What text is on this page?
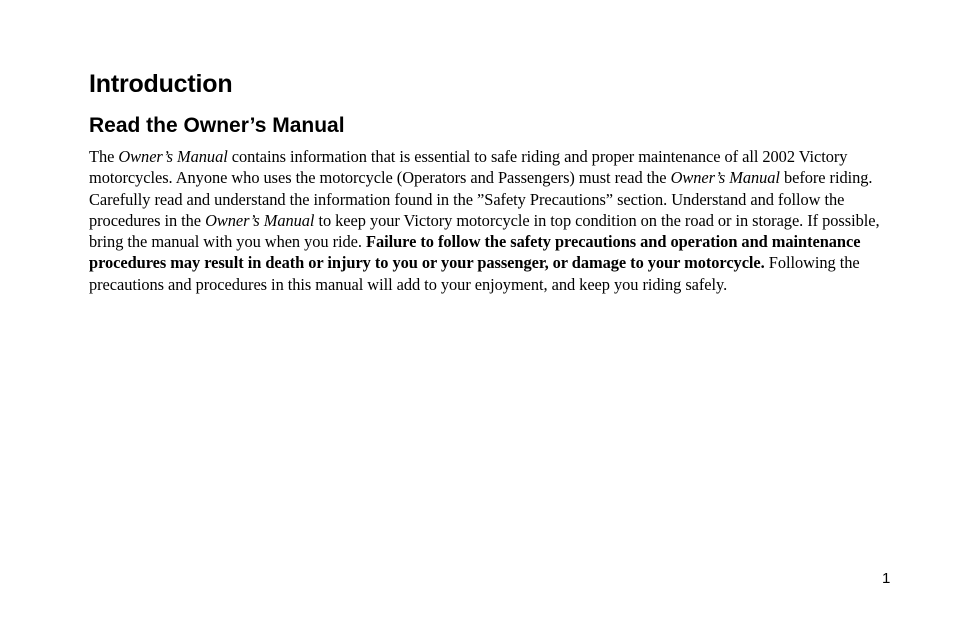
Introduction
Read the Owner’s Manual

The Owner’s Manual contains information that is essential to safe riding and proper maintenance of all 2002 Victory motorcycles. Anyone who uses the motorcycle (Operators and Passengers) must read the Owner’s Manual before riding. Carefully read and understand the information found in the ”Safety Precautions” section. Understand and follow the procedures in the Owner’s Manual to keep your Victory motorcycle in top condition on the road or in storage. If possible, bring the manual with you when you ride. Failure to follow the safety precautions and operation and maintenance procedures may result in death or injury to you or your passenger, or damage to your motorcycle. Following the precautions and procedures in this manual will add to your enjoyment, and keep you riding safely.

1
